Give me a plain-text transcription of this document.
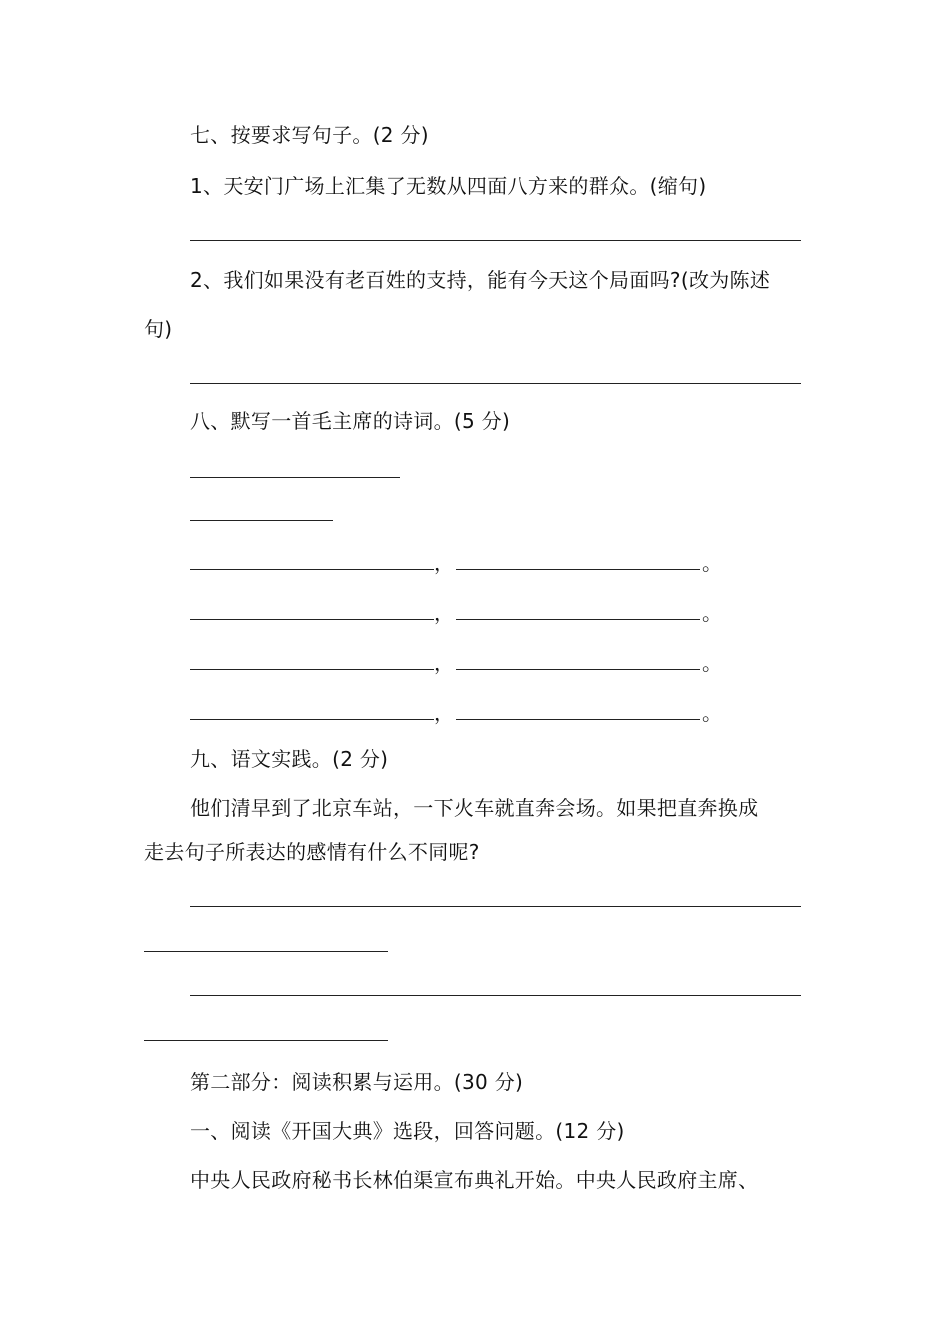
七、按要求写句子。(2 分)
1、天安门广场上汇集了无数从四面八方来的群众。(缩句)
2、我们如果没有老百姓的支持，能有今天这个局面吗?(改为陈述
句)
八、默写一首毛主席的诗词。(5 分)
，	。
，	。
，	。
，	。
九、语文实践。(2 分)
他们清早到了北京车站，一下火车就直奔会场。如果把直奔换成
走去句子所表达的感情有什么不同呢?
第二部分：阅读积累与运用。(30 分)
一、阅读《开国大典》选段，回答问题。(12 分)
中央人民政府秘书长林伯渠宣布典礼开始。中央人民政府主席、
